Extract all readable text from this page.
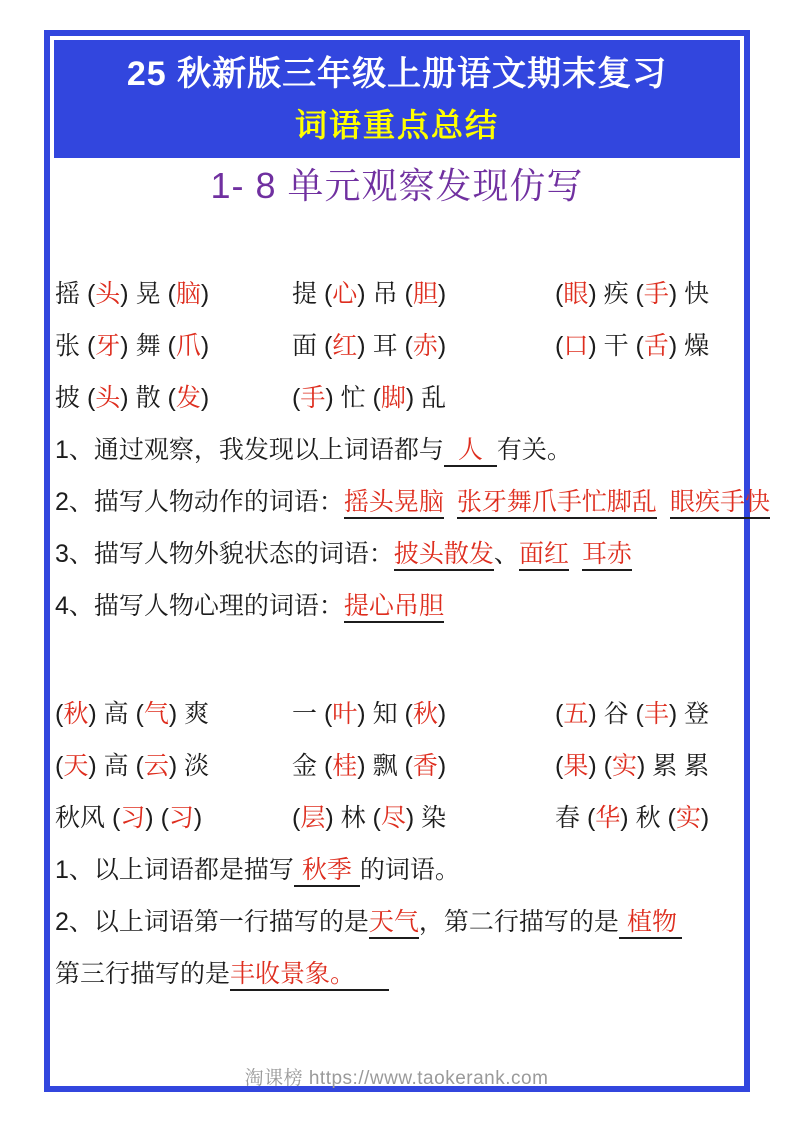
25 秋新版三年级上册语文期末复习
词语重点总结
1- 8 单元观察发现仿写
摇 (头) 晃 (脑)	提 (心) 吊 (胆)	(眼) 疾 (手) 快
张 (牙) 舞 (爪)	面 (红) 耳 (赤)	(口) 干 (舌) 燥
披 (头) 散 (发)	(手) 忙 (脚) 乱
1、通过观察，我发现以上词语都与 人 有关。
2、描写人物动作的词语：摇头晃脑 张牙舞爪手忙脚乱 眼疾手快
3、描写人物外貌状态的词语：披头散发、面红 耳赤
4、描写人物心理的词语：提心吊胆
(秋) 高 (气) 爽	一 (叶) 知 (秋)	(五) 谷 (丰) 登
(天) 高 (云) 淡	金 (桂) 飘 (香)	(果) (实) 累 累
秋风 (习) (习)	(层) 林 (尽) 染	春 (华) 秋 (实)
1、以上词语都是描写 秋季 的词语。
2、以上词语第一行描写的是天气，第二行描写的是 植物
第三行描写的是丰收景象。
淘课榜 https://www.taokerank.com
